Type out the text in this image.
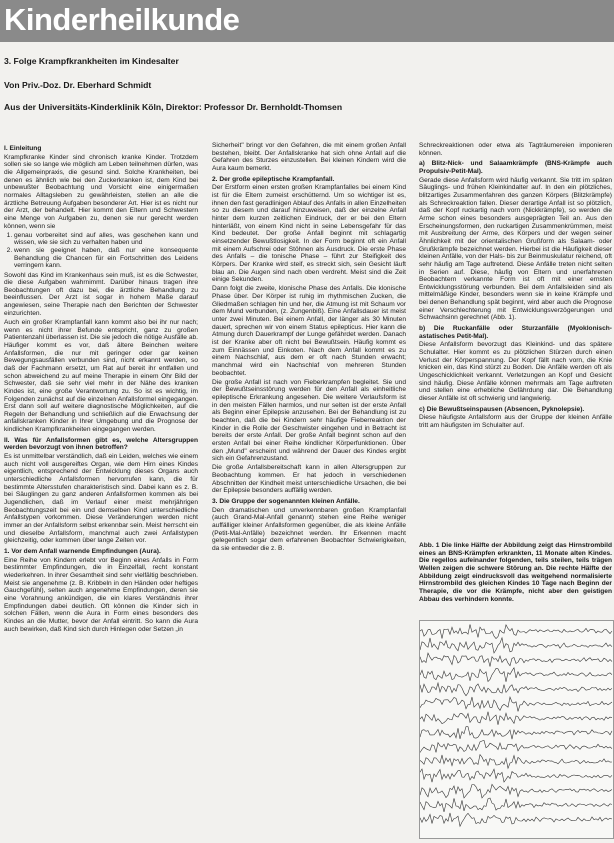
Kinderheilkunde
3. Folge Krampfkrankheiten im Kindesalter
Von Priv.-Doz. Dr. Eberhard Schmidt
Aus der Universitäts-Kinderklinik Köln, Direktor: Professor Dr. Bernholdt-Thomsen
I. Einleitung

Krampfkranke Kinder sind chronisch kranke Kinder. Trotzdem sollen sie so lange wie möglich am Leben teilnehmen dürfen, was die Allgemeinpraxis, die gesund sind. Solche Krankheiten, bei denen es ähnlich wie bei den Zuckerkranken ist, dem Kind bei unbewußter Beobachtung und Vorsicht eine einigermaßen normales Alltagsleben zu gewährleisten, stellen an alle die ärztliche Betreuung Aufgaben besonderer Art. Hier ist es nicht nur der Arzt, der behandelt. Hier kommt den Eltern und Schwestern eine Menge von Aufgaben zu, denen sie nur gerecht werden können, wenn sie

1. genau vorbereitet sind auf alles, was geschehen kann und wissen, wie sie sich zu verhalten haben und
2. wenn sie geeignet haben, daß nur eine konsequente Behandlung die Chancen für ein Fortschritten des Leidens verringern kann.

Sowohl das Kind im Krankenhaus sein muß, ist es die Schwester, die diese Aufgaben wahrnimmt. Darüber hinaus tragen ihre Beobachtungen oft dazu bei, die ärztliche Behandlung zu beeinflussen. Der Arzt ist sogar in hohem Maße darauf angewiesen, seine Therapie nach den Berichten der Schwester einzurichten.

Auch ein großer Krampfanfall kann kommt also bei ihr nur nach; wenn es nicht ihrer Befunde entspricht, ganz zu großen Patientenzahl überlassen ist. Die sie jedoch die nötige Ausfälle ab. Häufiger kommt es vor, daß ältere Beinchen weitere Anfallsformen, die nur mit geringer oder gar keinen Bewegungsausfällen verbunden sind, nicht erkannt werden, so daß der Fachmann ersetzt, um Rat auf bereit ihr entfallen und schon abweichend zu auf meine Therapie in einem Ohr Bild der Schwester, daß sie sehr viel mehr in der Nähe des kranken Kindes ist, eine große Verantwortung zu. So ist es wichtig, im Folgenden zunächst auf die einzelnen Anfallsformel eingegangen. Erst dann soll auf weitere diagnostische Möglichkeiten, auf die Regeln der Behandlung und schließlich auf die Erwachsung der anfallskranken Kinder in Ihrer Umgebung und die Prognose der kindlichen Krampfkrankheiten eingegangen werden.

II. Was für Anfallsformen gibt es, welche Altersgruppen werden bevorzugt von ihnen betroffen?

Es ist unmittelbar verständlich, daß ein Leiden, welches wie einem auch nicht voll ausgereiftes Organ, wie dem Hirn eines Kindes eigentlich, entsprechend der Entwicklung dieses Organs auch unterschiedliche Anfallsformen hervorrufen kann, die für bestimmte Altersstufen charakteristisch sind. Dabei kann es z. B. bei Säuglingen zu ganz anderen Anfallsformen kommen als bei Jugendlichen, daß im Verlauf einer meist mehrjährigen Beobachtungszeit bei ein und demselben Kind unterschiedliche Anfallstypen vorkommen. Diese Veränderungen werden nicht immer an der Anfallsform selbst erkennbar sein. Meist herrscht ein und dieselbe Anfallsform, manchmal auch zwei Anfallstypen gleichzeitig, oder kommen über lange Zeiten vor.

1. Vor dem Anfall warnende Empfindungen (Aura).

Eine Reihe von Kindern erlebt vor Beginn eines Anfalls in Form bestimmter Empfindungen, die in Einzelfall, recht konstant wiederkehren. In ihrer Gesamtheit sind sehr vielfältig beschrieben. Meist sie angenehme (z. B. Kribbeln in den Händen oder heftiges Gauchgefühl), selten auch angenehme Empfindungen, deren sie eine Vorahnung ankündigen, die ein klares Verständnis ihrer Empfindungen dabei deutlich. Oft können die Kinder sich in solchen Fällen, wenn die Aura in Form eines besonders des Kindes an die Mutter, bevor der Anfall eintritt. So kann die Aura auch bewirken, daß Kind sich durch Hinlegen oder Setzen „in

Sicherheit" bringt vor den Gefahren, die mit einem großen Anfall bestehen, bleibt. Der Anfallskranke hat sich ohne Anfall auf die Gefahren des Sturzes einzustellen. Bei kleinen Kindern wird die Aura kaum bemerkt.

2. Der große epileptische Krampfanfall.

Der Erstform einen ersten großen Krampfanfalles bei einem Kind ist für die Eltern zumeist erschütternd. Um so wichtiger ist es, ihnen den fast geradlinigen Ablauf des Anfalls in allen Einzelheiten so zu diesem und darauf hinzuweisen, daß der einzelne Anfall hinter dem kurzen zeitlichen Eindruck, der er bei den Eltern hinterläßt, von einem Kind nicht in seine Lebensgefahr für das Kind bedeutet. Der große Anfall beginnt mit schlagartig einsetzender Bewußtlosigkeit. In der Form beginnt oft ein Anfall mit einem Aufschrei oder Stöhnen als Ausdruck. Die erste Phase des Anfalls – die tonische Phase – führt zur Steifigkeit des Körpers. Der Kranke wird steif, es streckt sich, sein Gesicht läuft blau an. Die Augen sind nach oben verdreht. Meist sind die Zeit einige Sekunden.

Dann folgt die zweite, klonische Phase des Anfalls. Die klonische Phase über. Der Körper ist ruhig im rhythmischen Zucken, die Gliedmaßen schlagen hin und her, die Atmung ist mit Schaum vor dem Mund verbunden, (z. Zungenbiß). Eine Anfallsdauer ist meist unter zwei Minuten. Bei einem Anfall, der länger als 30 Minuten dauert, sprechen wir von einem Status epilepticus. Hier kann die Atmung durch Dauerkrampf der Lunge gefährdet werden. Danach ist der Kranke aber oft nicht bei Bewußtsein. Häufig kommt es zum Einnässen und Einkoten. Nach dem Anfall kommt es zu einem Nachschlaf, aus dem er oft nach Stunden erwacht; manchmal wird ein Nachschlaf von mehreren Stunden beobachtet.

Die große Anfall ist nach von Fieberkrampfen begleitet. Sie und der Bewußtseinsstörung werden für den Anfall als einheitliche epileptische Erkrankung angesehen. Die weitere Verlaufsform ist in den meisten Fällen harmlos, und nur selten ist der erste Anfall als Beginn einer Epilepsie anzusehen. Bei der Behandlung ist zu beachten, daß die bei Kindern sehr häufige Fieberreaktion der Kinder in die Rolle der Geschwister eingehen und in Betracht ist bereits der erste Anfall. Der große Anfall beginnt schon auf den ersten Anfall bei einer Reihe kindlicher Körperfunktionen. Über den „Mund" erscheint und während der Dauer des Kindes ergibt sich ein Gefahrenzustand.

Die große Anfallsbereitschaft kann in allen Altersgruppen zur Beobachtung kommen. Er hat jedoch in verschiedenen Abschnitten der Kindheit meist unterschiedliche Ursachen, die bei der Epilepsie besonders auffällig werden.

3. Die Gruppe der sogenannten kleinen Anfälle.

Den dramatischen und unverkennbaren großen Krampfanfall (auch Grand-Mal-Anfall genannt) stehen eine Reihe weniger auffälliger kleiner Anfallsformen gegenüber, die als kleine Anfälle (Petit-Mal-Anfälle) bezeichnet werden. Ihr Erkennen macht gelegentlich sogar dem erfahrenen Beobachter Schwierigkeiten, da sie entweder die z. B.

Schreckreaktionen oder etwa als Tagträumereien imponieren können.

a) Blitz-Nick- und Salaamkrämpfe (BNS-Krämpfe auch Propulsiv-Petit-Mal).

Gerade diese Anfallsform wird häufig verkannt. Sie tritt im späten Säuglings- und frühen Kleinkindalter auf. In den ein plötzliches, blitzartiges Zusammenfahren des ganzen Körpers (Blitzkrämpfe) als Schreckreaktion fallen. Dieser derartige Anfall ist so plötzlich, daß der Kopf ruckartig nach vorn (Nickkrämpfe), so werden die Arme schon eines besonders ausgeprägten Teil an. Aus den Erscheinungsformen, den ruckartigen Zusammenkrümmen, meist mit Ausbreitung der Arme, des Körpers und der wegen seiner Ähnlichkeit mit der orientalischen Grußform als Salaam- oder Grußkrämpfe bezeichnet werden. Hierbei ist die Häufigkeit dieser kleinen Anfälle, von der Hals- bis zur Beinmuskulatur reichend, oft sehr häufig am Tage auftretend. Diese Anfälle treten nicht selten in Serien auf. Diese, häufig von Eltern und unerfahrenen Beobachtern verkannte Form ist oft mit einer ernsten Entwicklungsstörung verbunden. Bei dem Anfallsleiden sind als mittelmäßige Kinder, besonders wenn sie in keine Krämpfe und bei denen Behandlung spät beginnt, wird aber auch die Prognose einer Verschlechterung mit Entwicklungsverzögerungen und Schwachsinn gerechnet (Abb. 1).

b) Die Ruckanfälle oder Sturzanfälle (Myoklonisch-astatisches Petit-Mal).

Diese Anfallsform bevorzugt das Kleinkind- und das spätere Schulalter. Hier kommt es zu plötzlichen Stürzen durch einen Verlust der Körperspannung. Der Kopf fällt nach vorn, die Knie knicken ein, das Kind stürzt zu Boden. Die Anfälle werden oft als Ungeschicklichkeit verkannt. Verletzungen an Kopf und Gesicht sind häufig. Diese Anfälle können mehrmals am Tage auftreten und stellen eine erhebliche Gefährdung dar. Die Behandlung dieser Anfälle ist oft schwierig und langwierig.

c) Die Bewußtseinspausen (Absencen, Pyknolepsie).

Diese häufigste Anfallsform aus der Gruppe der kleinen Anfälle tritt am häufigsten im Schulalter auf.

Abb. 1 Die linke Hälfte der Abbildung zeigt das Hirnstrombild eines an BNS-Krämpfen erkrankten, 11 Monate alten Kindes. Die regellos aufeinander folgenden, teils steilen, teils trägen Wellen zeigen die schwere Störung an. Die rechte Hälfte der Abbildung zeigt eindrucksvoll das weitgehend normalisierte Hirnstrombild des gleichen Kindes 10 Tage nach Beginn der Therapie, die vor die Krämpfe, nicht aber den geistigen Abbau des verhindern konnte.
